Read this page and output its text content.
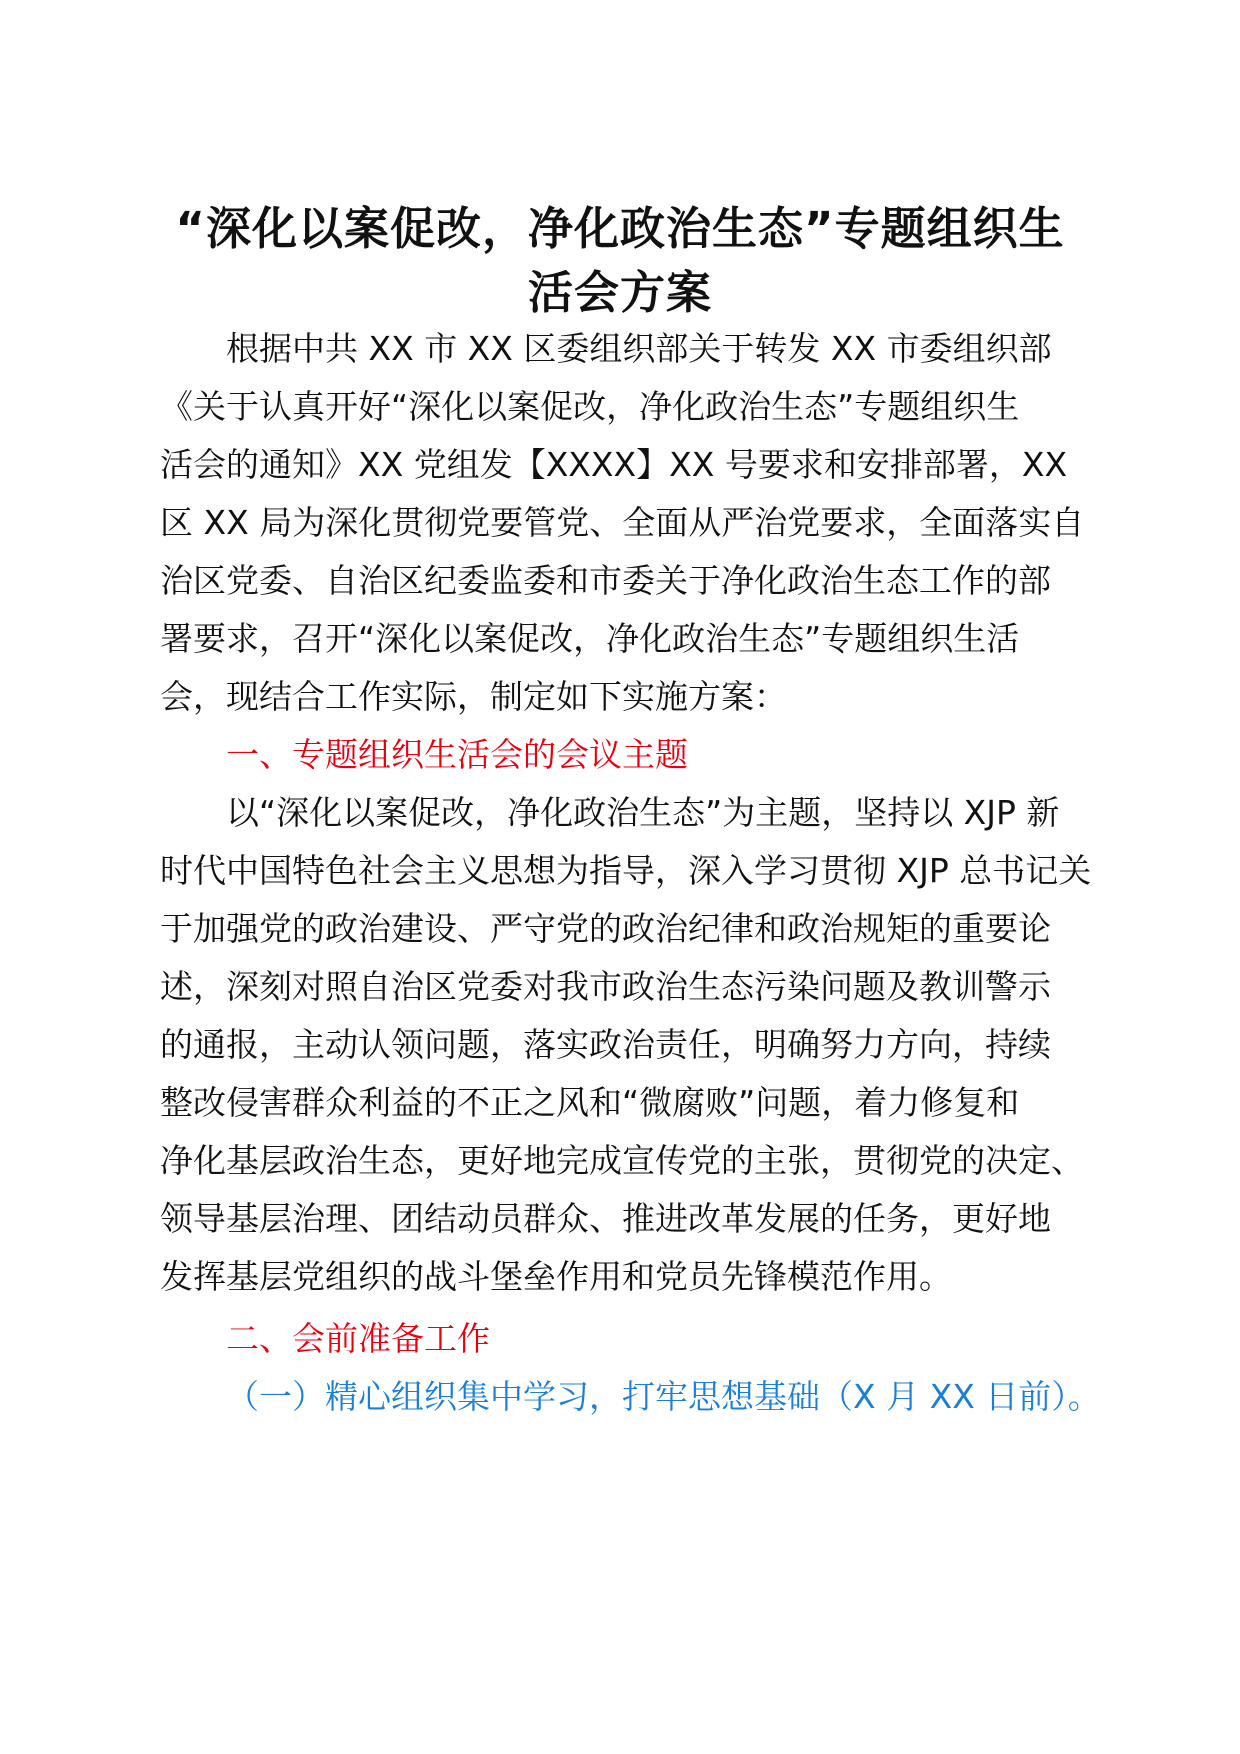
“深化以案促改，净化政治生态”专题组织生
活会方案

根据中共 XX 市 XX 区委组织部关于转发 XX 市委组织部

《关于认真开好“深化以案促改，净化政治生态”专题组织生

活会的通知》XX 党组发【XXXX】XX 号要求和安排部署，XX

区 XX 局为深化贯彻党要管党、全面从严治党要求，全面落实自

治区党委、自治区纪委监委和市委关于净化政治生态工作的部

署要求，召开“深化以案促改，净化政治生态”专题组织生活

会，现结合工作实际，制定如下实施方案：

一、专题组织生活会的会议主题

以“深化以案促改，净化政治生态”为主题，坚持以 XJP 新

时代中国特色社会主义思想为指导，深入学习贯彻 XJP 总书记关

于加强党的政治建设、严守党的政治纪律和政治规矩的重要论

述，深刻对照自治区党委对我市政治生态污染问题及教训警示

的通报，主动认领问题，落实政治责任，明确努力方向，持续

整改侵害群众利益的不正之风和“微腐败”问题，着力修复和

净化基层政治生态，更好地完成宣传党的主张，贯彻党的决定、

领导基层治理、团结动员群众、推进改革发展的任务，更好地

发挥基层党组织的战斗堡垒作用和党员先锋模范作用。

二、会前准备工作

（一）精心组织集中学习，打牢思想基础（X 月 XX 日前）。
